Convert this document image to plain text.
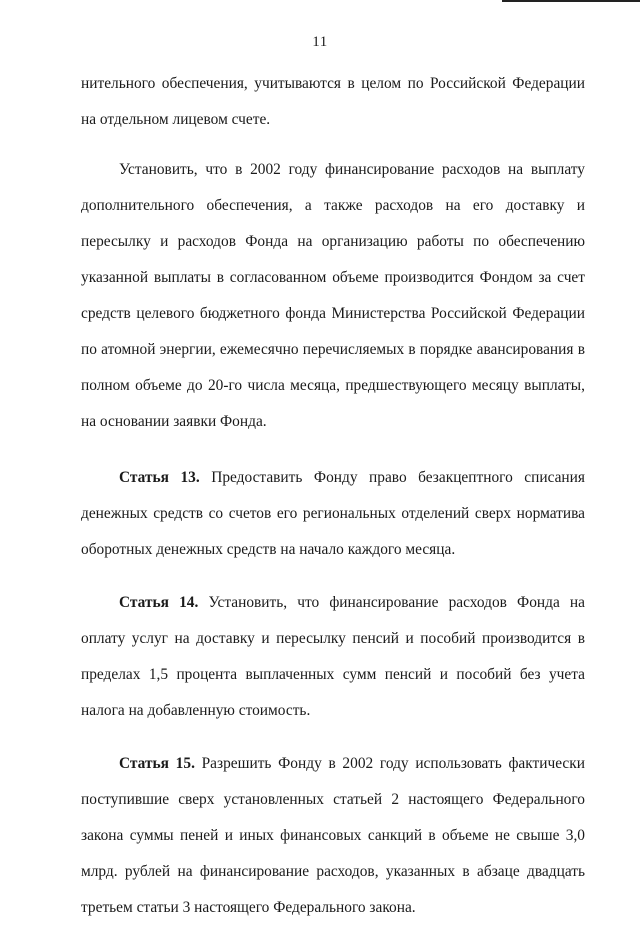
11

нительного обеспечения, учитываются в целом по Российской Федерации на отдельном лицевом счете.

Установить, что в 2002 году финансирование расходов на выплату дополнительного обеспечения, а также расходов на его доставку и пересылку и расходов Фонда на организацию работы по обеспечению указанной выплаты в согласованном объеме производится Фондом за счет средств целевого бюджетного фонда Министерства Российской Федерации по атомной энергии, ежемесячно перечисляемых в порядке авансирования в полном объеме до 20-го числа месяца, предшествующего месяцу выплаты, на основании заявки Фонда.

Статья 13. Предоставить Фонду право безакцептного списания денежных средств со счетов его региональных отделений сверх норматива оборотных денежных средств на начало каждого месяца.

Статья 14. Установить, что финансирование расходов Фонда на оплату услуг на доставку и пересылку пенсий и пособий производится в пределах 1,5 процента выплаченных сумм пенсий и пособий без учета налога на добавленную стоимость.

Статья 15. Разрешить Фонду в 2002 году использовать фактически поступившие сверх установленных статьей 2 настоящего Федерального закона суммы пеней и иных финансовых санкций в объеме не свыше 3,0 млрд. рублей на финансирование расходов, указанных в абзаце двадцать третьем статьи 3 настоящего Федерального закона.
